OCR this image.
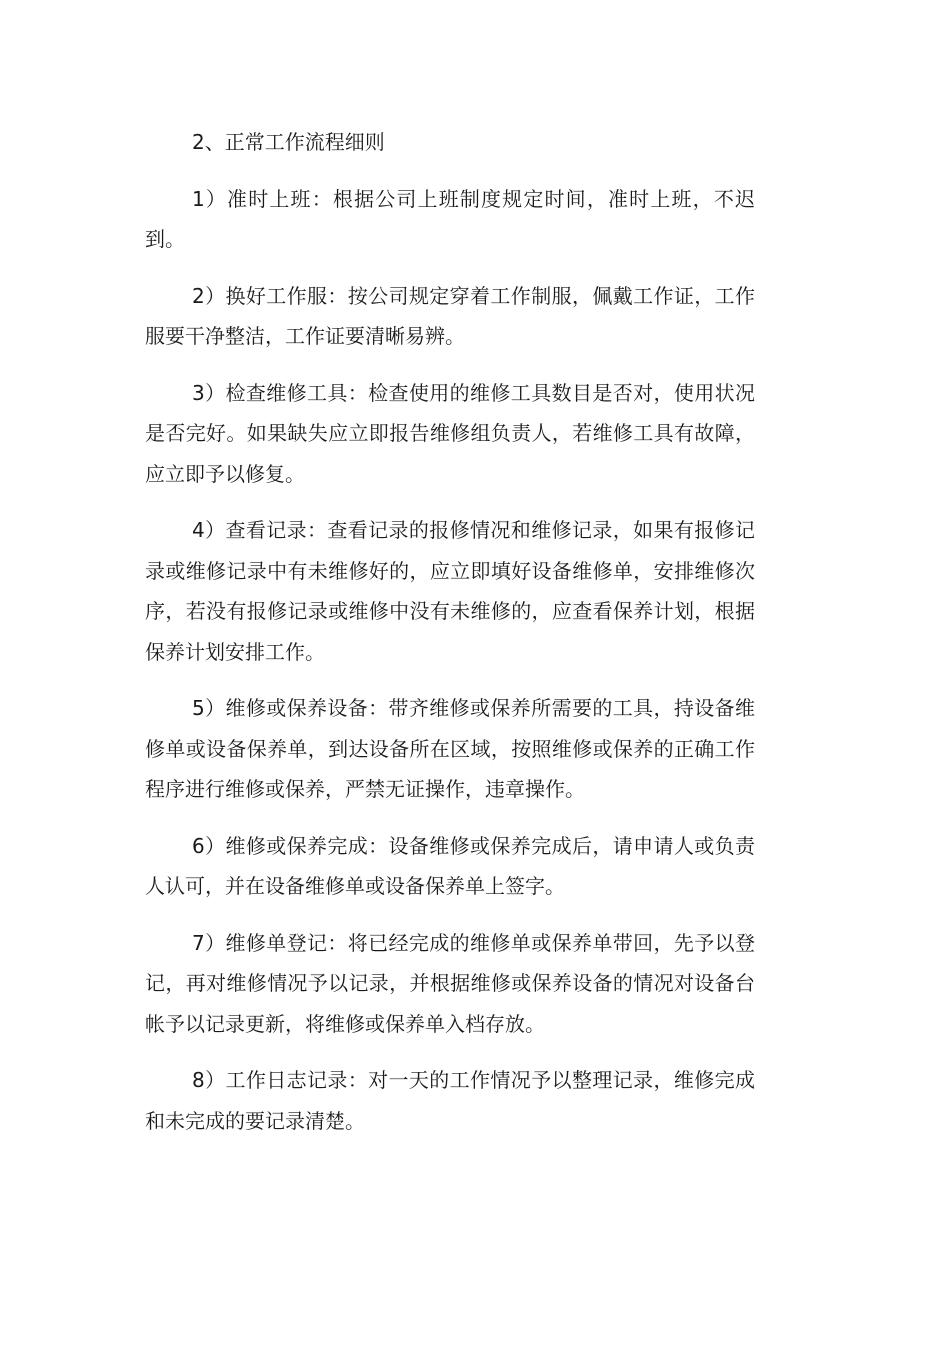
2、正常工作流程细则

1）准时上班：根据公司上班制度规定时间，准时上班，不迟到。

2）换好工作服：按公司规定穿着工作制服，佩戴工作证，工作服要干净整洁，工作证要清晰易辨。

3）检查维修工具：检查使用的维修工具数目是否对，使用状况是否完好。如果缺失应立即报告维修组负责人，若维修工具有故障，应立即予以修复。

4）查看记录：查看记录的报修情况和维修记录，如果有报修记录或维修记录中有未维修好的，应立即填好设备维修单，安排维修次序，若没有报修记录或维修中没有未维修的，应查看保养计划，根据保养计划安排工作。

5）维修或保养设备：带齐维修或保养所需要的工具，持设备维修单或设备保养单，到达设备所在区域，按照维修或保养的正确工作程序进行维修或保养，严禁无证操作，违章操作。

6）维修或保养完成：设备维修或保养完成后，请申请人或负责人认可，并在设备维修单或设备保养单上签字。

7）维修单登记：将已经完成的维修单或保养单带回，先予以登记，再对维修情况予以记录，并根据维修或保养设备的情况对设备台帐予以记录更新，将维修或保养单入档存放。

8）工作日志记录：对一天的工作情况予以整理记录，维修完成和未完成的要记录清楚。
